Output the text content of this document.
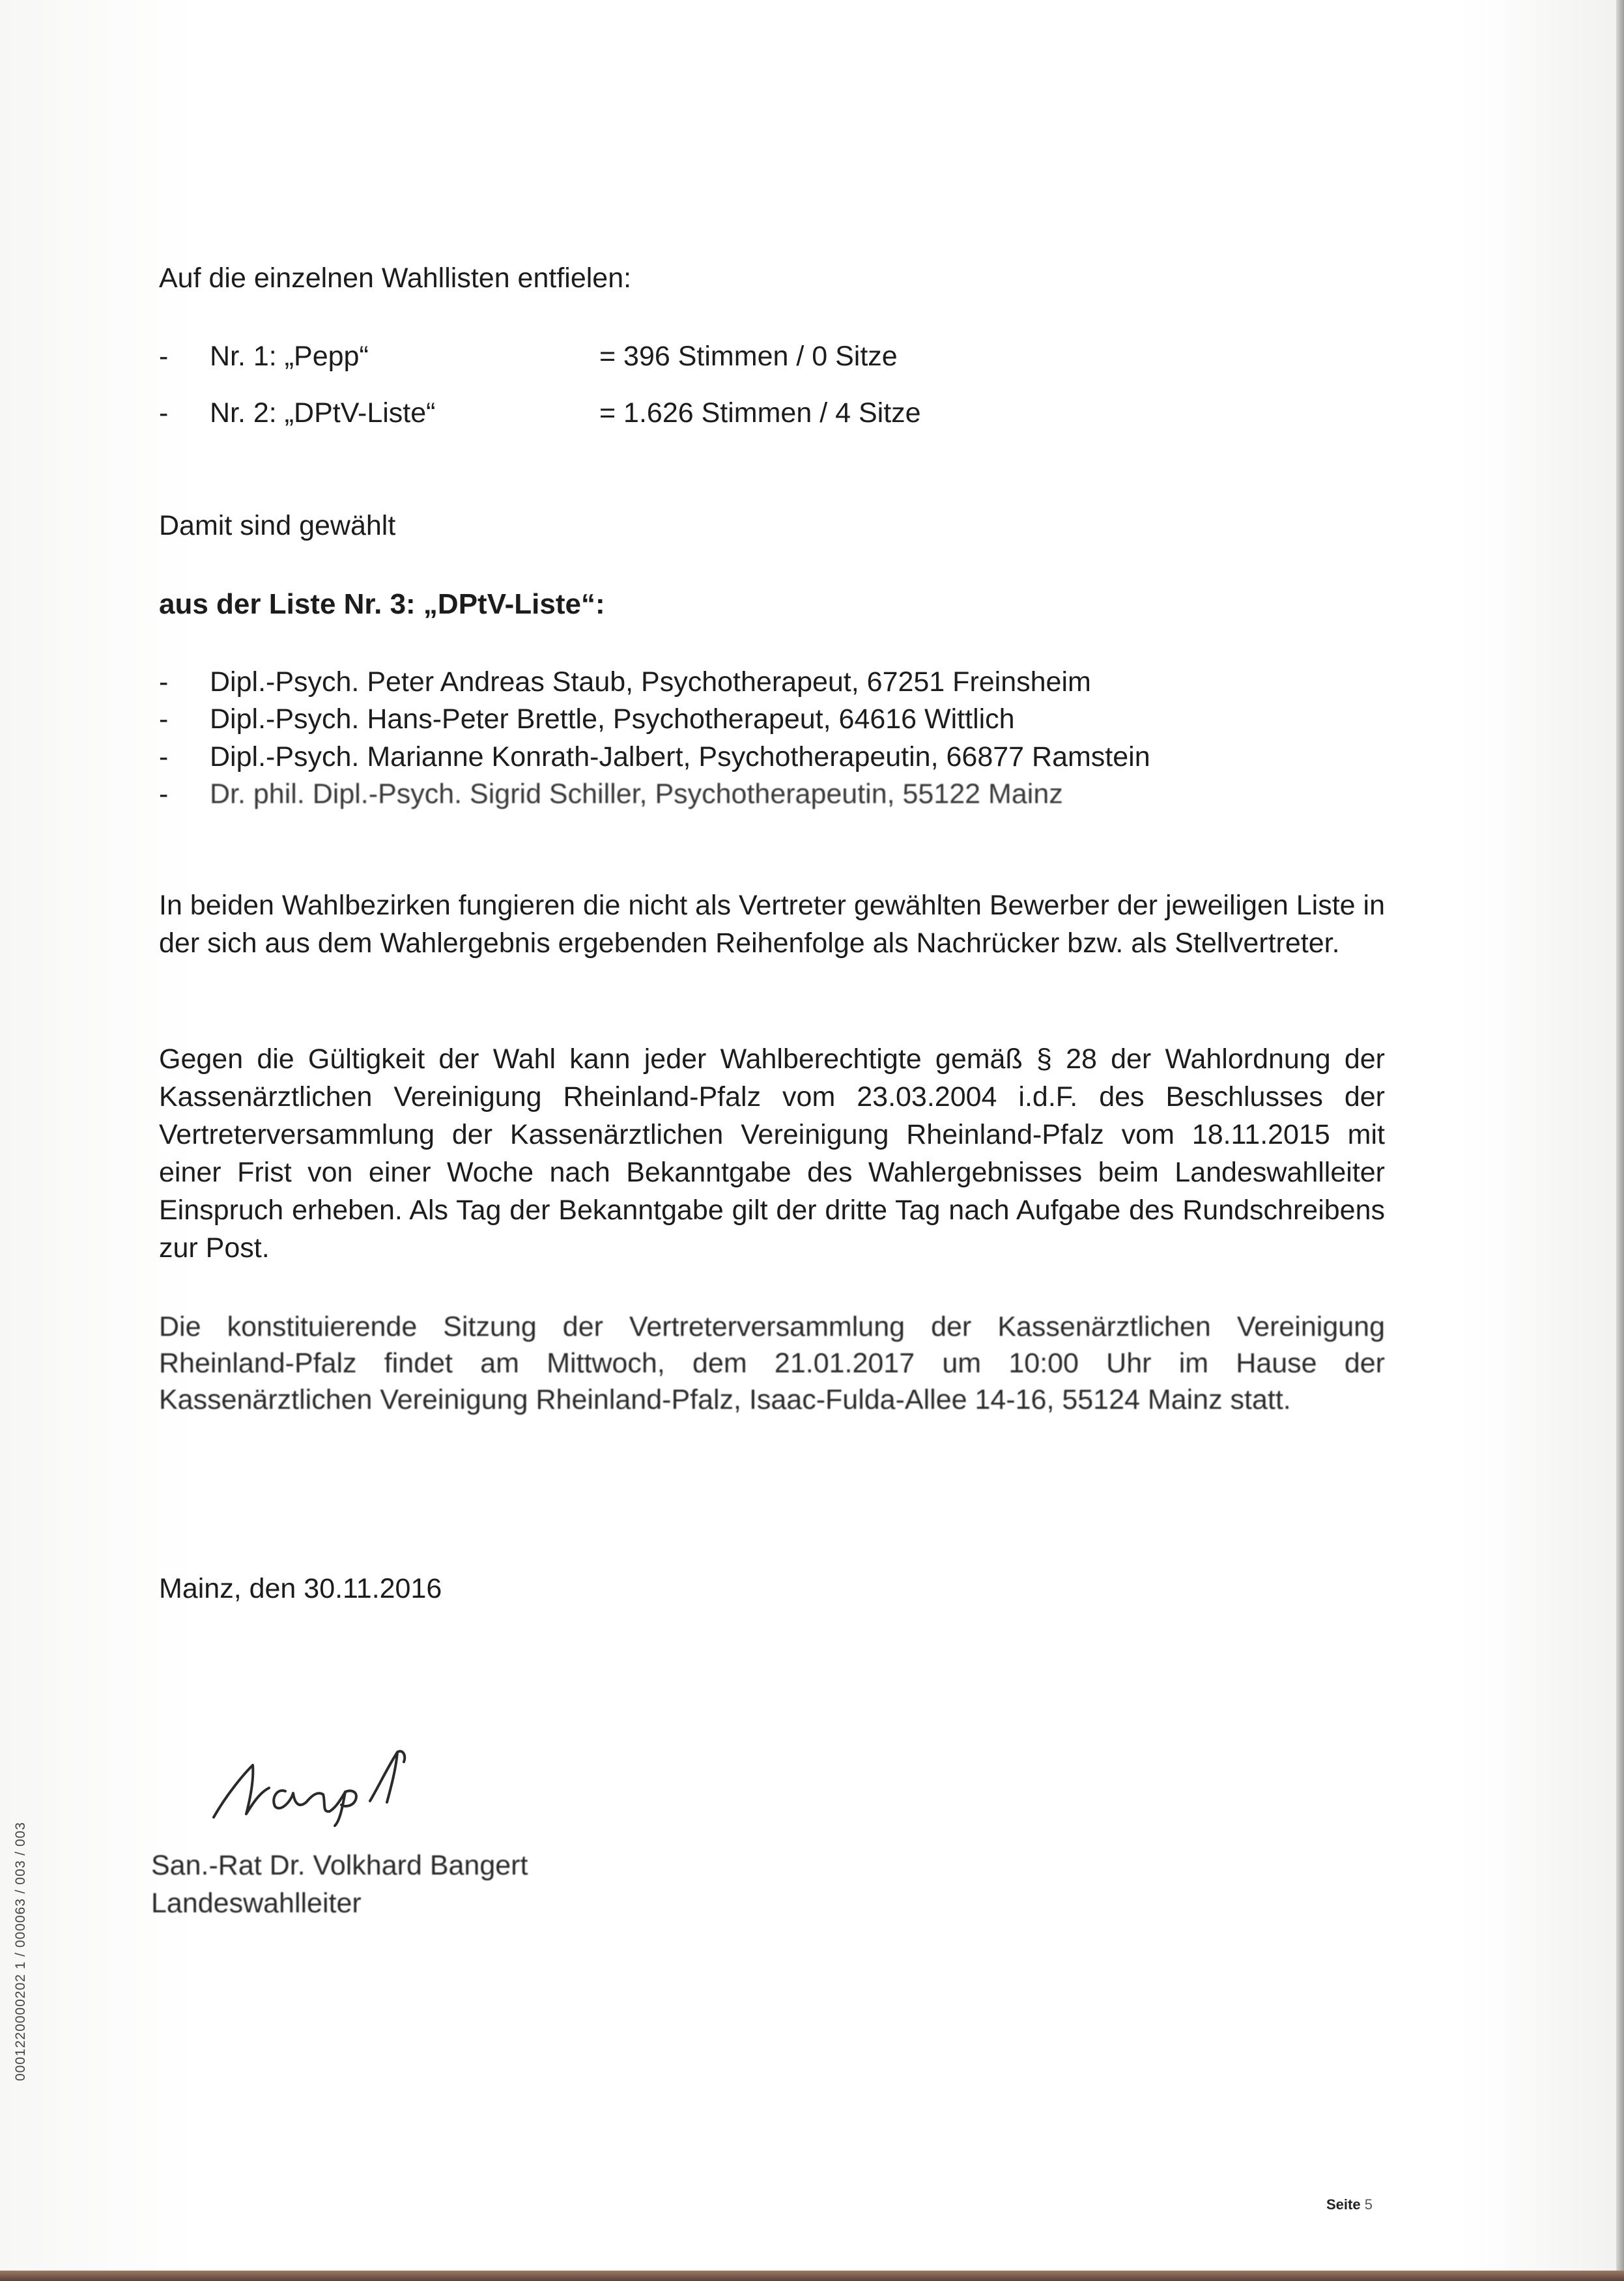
Auf die einzelnen Wahllisten entfielen:

- Nr. 1: „Pepp“	= 396 Stimmen / 0 Sitze
- Nr. 2: „DPtV-Liste“	= 1.626 Stimmen / 4 Sitze

Damit sind gewählt

aus der Liste Nr. 3: „DPtV-Liste“:

- Dipl.-Psych. Peter Andreas Staub, Psychotherapeut, 67251 Freinsheim
- Dipl.-Psych. Hans-Peter Brettle, Psychotherapeut, 64616 Wittlich
- Dipl.-Psych. Marianne Konrath-Jalbert, Psychotherapeutin, 66877 Ramstein
- Dr. phil. Dipl.-Psych. Sigrid Schiller, Psychotherapeutin, 55122 Mainz

In beiden Wahlbezirken fungieren die nicht als Vertreter gewählten Bewerber der jeweiligen Liste in der sich aus dem Wahlergebnis ergebenden Reihenfolge als Nachrücker bzw. als Stellvertreter.

Gegen die Gültigkeit der Wahl kann jeder Wahlberechtigte gemäß § 28 der Wahlordnung der Kassenärztlichen Vereinigung Rheinland-Pfalz vom 23.03.2004 i.d.F. des Beschlusses der Vertreterversammlung der Kassenärztlichen Vereinigung Rheinland-Pfalz vom 18.11.2015 mit einer Frist von einer Woche nach Bekanntgabe des Wahlergebnisses beim Landeswahlleiter Einspruch erheben. Als Tag der Bekanntgabe gilt der dritte Tag nach Aufgabe des Rundschreibens zur Post.

Die konstituierende Sitzung der Vertreterversammlung der Kassenärztlichen Vereinigung Rheinland-Pfalz findet am Mittwoch, dem 21.01.2017 um 10:00 Uhr im Hause der Kassenärztlichen Vereinigung Rheinland-Pfalz, Isaac-Fulda-Allee 14-16, 55124 Mainz statt.

Mainz, den 30.11.2016

San.-Rat Dr. Volkhard Bangert
Landeswahlleiter
0001220000202 1 / 000063 / 003 / 003
Seite 5
